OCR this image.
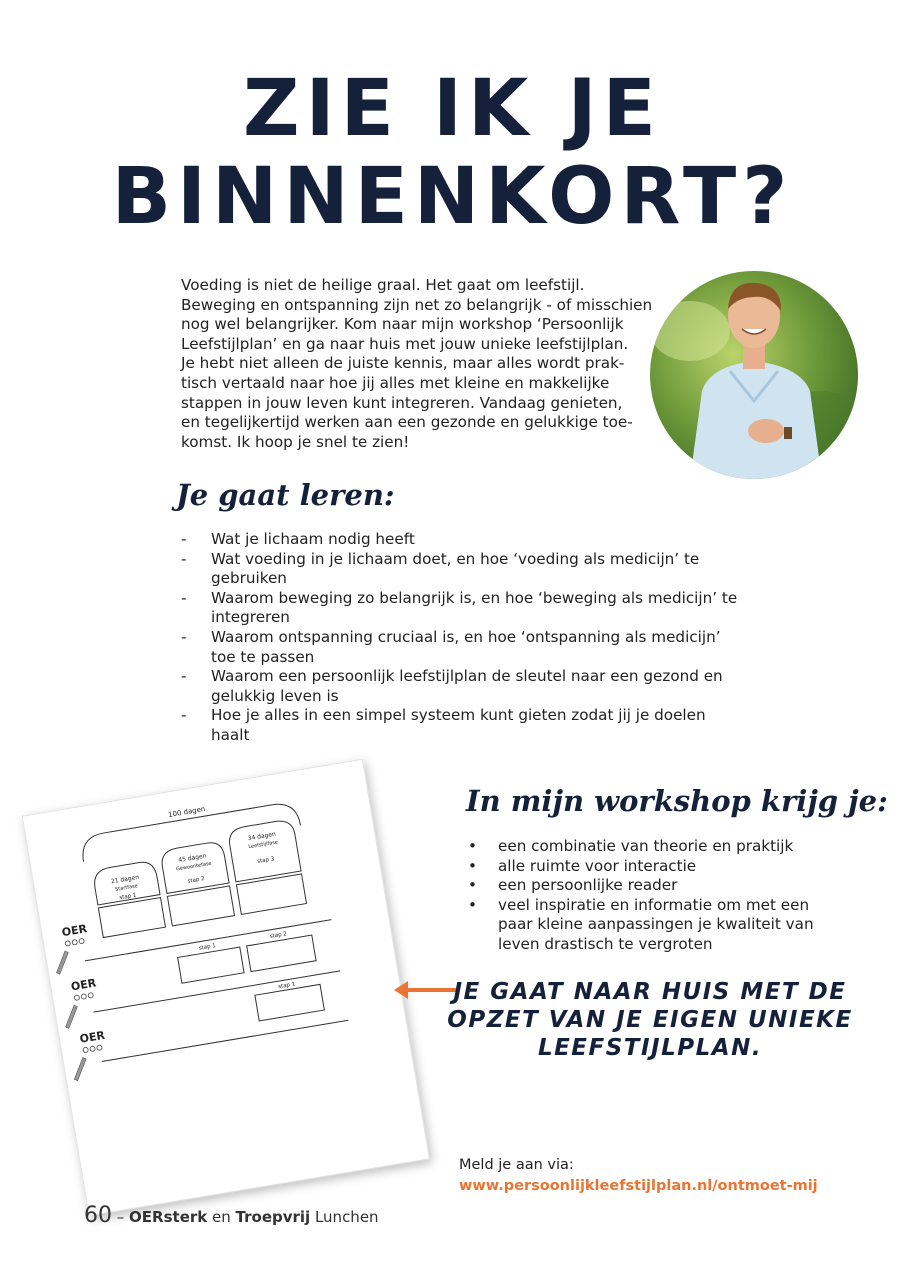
ZIE IK JE
BINNENKORT?
Voeding is niet de heilige graal. Het gaat om leefstijl.
Beweging en ontspanning zijn net zo belangrijk - of misschien
nog wel belangrijker. Kom naar mijn workshop ‘Persoonlijk
Leefstijlplan’ en ga naar huis met jouw unieke leefstijlplan.
Je hebt niet alleen de juiste kennis, maar alles wordt prak-
tisch vertaald naar hoe jij alles met kleine en makkelijke
stappen in jouw leven kunt integreren. Vandaag genieten,
en tegelijkertijd werken aan een gezonde en gelukkige toe-
komst. Ik hoop je snel te zien!
Je gaat leren:
- Wat je lichaam nodig heeft
- Wat voeding in je lichaam doet, en hoe ‘voeding als medicijn’ te gebruiken
- Waarom beweging zo belangrijk is, en hoe ‘beweging als medicijn’ te integreren
- Waarom ontspanning cruciaal is, en hoe ‘ontspanning als medicijn’ toe te passen
- Waarom een persoonlijk leefstijlplan de sleutel naar een gezond en gelukkig leven is
- Hoe je alles in een simpel systeem kunt gieten zodat jij je doelen haalt
100 dagen
21 dagen
Startfase
stap 1
45 dagen
Gewoontefase
stap 2
34 dagen
Leefstijlfase
stap 3
stap 1
stap 2
stap 1
OER
OER
OER
In mijn workshop krijg je:
• een combinatie van theorie en praktijk
• alle ruimte voor interactie
• een persoonlijke reader
• veel inspiratie en informatie om met een paar kleine aanpassingen je kwaliteit van leven drastisch te vergroten
JE GAAT NAAR HUIS MET DE
OPZET VAN JE EIGEN UNIEKE
LEEFSTIJLPLAN.
Meld je aan via:
www.persoonlijkleefstijlplan.nl/ontmoet-mij
60 – OERsterk en Troepvrij Lunchen
